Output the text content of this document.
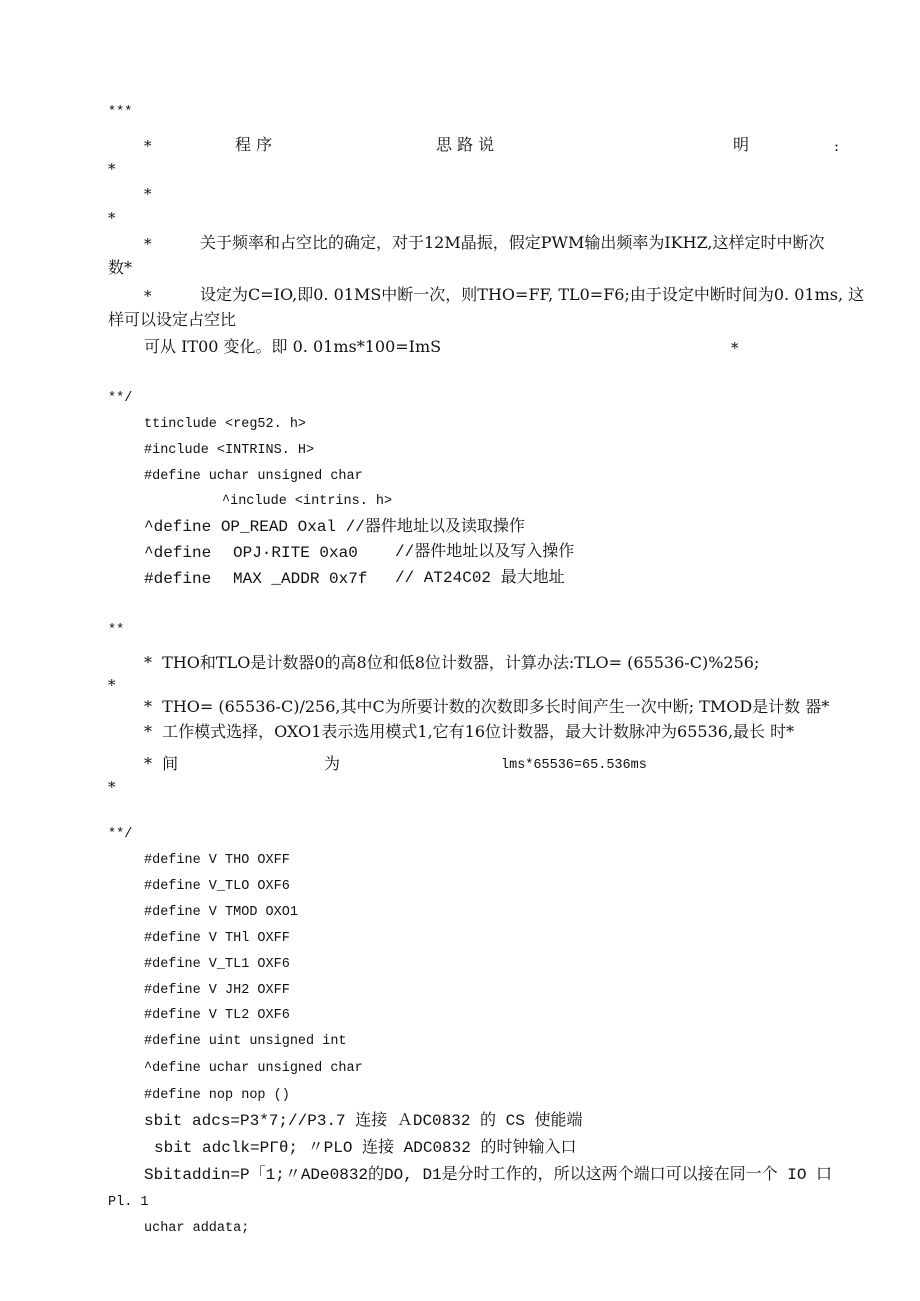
***
*	程 序	思 路 说	明	:
*
*
*
*	关于频率和占空比的确定，对于12M晶振，假定PWM输出频率为IKHZ,这样定时中断次
数*
*	设定为C=IO,即0. 01MS中断一次，则THO=FF, TL0=F6;由于设定中断时间为0. 01ms, 这
样可以设定占空比
可从 IT00 变化。即 0. 01ms*100=ImS	*
**/
ttinclude <reg52. h>
#include <INTRINS. H>
#define uchar unsigned char
^include <intrins. h>
^define OP_READ Oxal //器件地址以及读取操作
^define OPJ·RITE 0xa0 //器件地址以及写入操作
#define MAX _ADDR 0x7f // AT24C02 最大地址
**
*  THO和TLO是计数器0的高8位和低8位计数器，计算办法:TLO= (65536-C)%256;
*
*  THO= (65536-C)/256,其中C为所要计数的次数即多长时间产生一次中断; TMOD是计数 器*
*  工作模式选择，OXO1表示选用模式1,它有16位计数器，最大计数脉冲为65536,最长 时*
*  间	为	lms*65536=65.536ms
*
**/
#define V THO OXFF
#define V_TLO OXF6
#define V TMOD OXO1
#define V THl OXFF
#define V_TL1 OXF6
#define V JH2 OXFF
#define V TL2 OXF6
#define uint unsigned int
^define uchar unsigned char
#define nop nop ()
sbit adcs=P3*7;//P3.7 连接 ＡDC0832 的 CS 使能端
sbit adclk=PΓθ; 〃PLO 连接 ADC0832 的时钟输入口
Sbitaddin=P「1;〃ADe0832的DO, D1是分时工作的，所以这两个端口可以接在同一个 IO 口
Pl. 1
uchar addata;
